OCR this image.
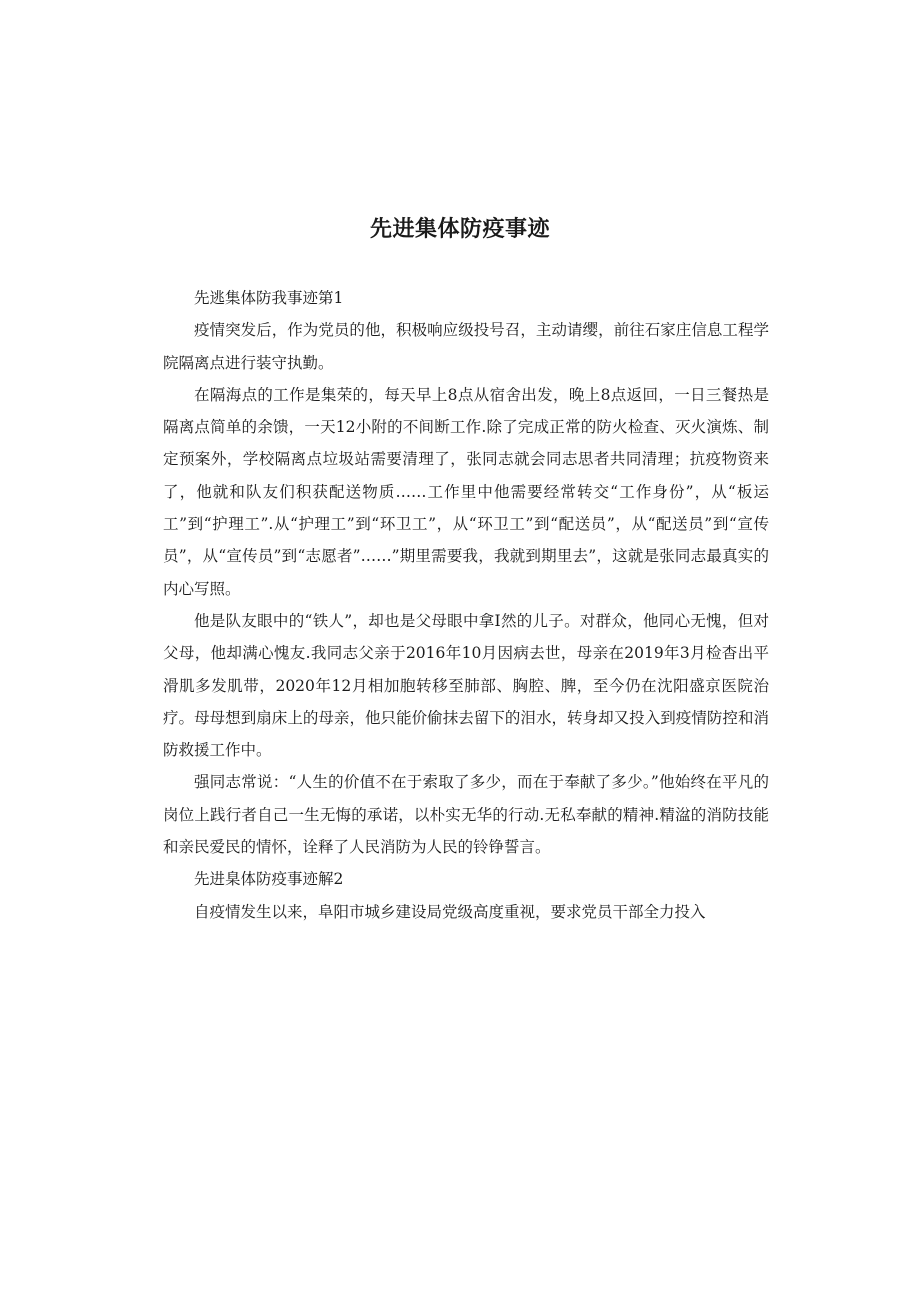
先进集体防疫事迹

先逃集体防我事迹第1

疫情突发后，作为党员的他，积极响应级投号召，主动请缨，前往石家庄信息工程学院隔离点进行装守执勤。

在隔海点的工作是集荣的，每天早上8点从宿舍出发，晚上8点返回，一日三餐热是隔离点简单的余馈，一天12小附的不间断工作.除了完成正常的防火检查、灭火演炼、制定预案外，学校隔离点垃圾站需要清理了，张同志就会同志思者共同清理；抗疫物资来了，他就和队友们积获配送物质……工作里中他需要经常转交“工作身份”，从“板运工”到“护理工”.从“护理工”到“环卫工”，从“环卫工”到“配送员”，从“配送员”到“宣传员”，从“宣传员”到“志愿者”……”期里需要我，我就到期里去”，这就是张同志最真实的内心写照。

他是队友眼中的“铁人”，却也是父母眼中拿I然的儿子。对群众，他同心无愧，但对父母，他却满心愧友.我同志父亲于2016年10月因病去世，母亲在2019年3月检杳出平滑肌多发肌带，2020年12月相加胞转移至肺部、胸腔、脾，至今仍在沈阳盛京医院治疗。母母想到扇床上的母亲，他只能价偷抹去留下的泪水，转身却又投入到疫情防控和消防救援工作中。

强同志常说：“人生的价值不在于索取了多少，而在于奉献了多少。”他始终在平凡的岗位上践行者自己一生无悔的承诺，以朴实无华的行动.无私奉献的精神.精湓的消防技能和亲民爱民的情怀，诠释了人民消防为人民的铃铮誓言。

先进臬体防疫事迹解2

自疫情发生以来，阜阳市城乡建设局党级高度重视，要求党员干部全力投入
